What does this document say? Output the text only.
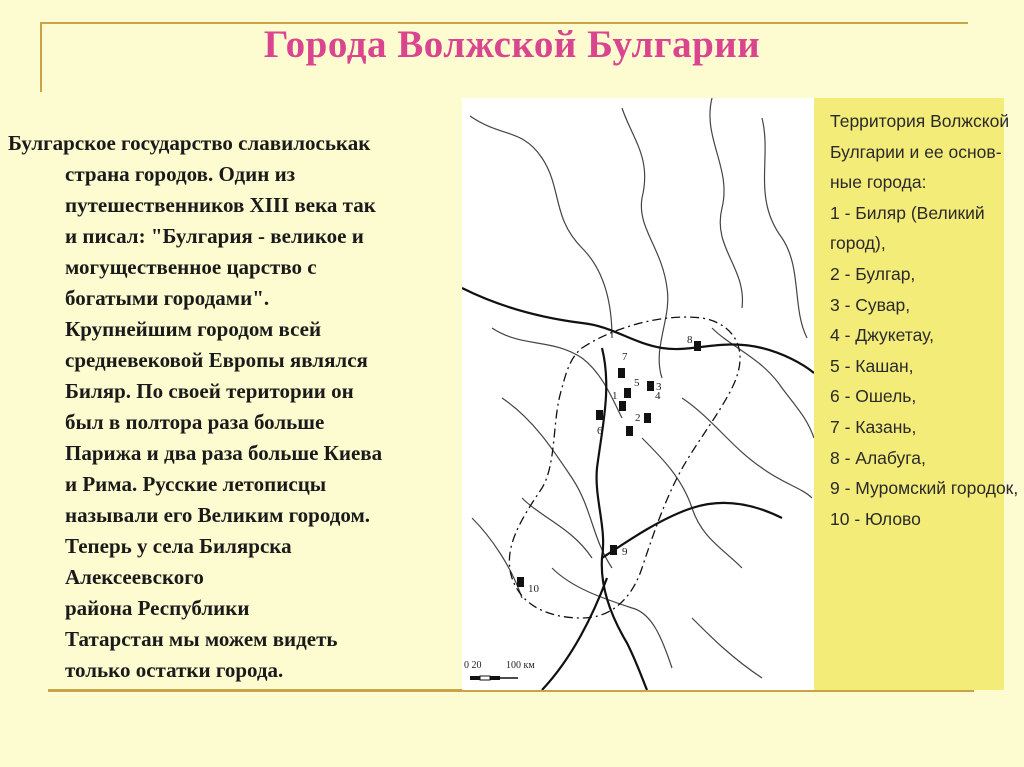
Города Волжской Булгарии
Булгарское государство славилоськак
страна городов. Один из
путешественников XIII века так
и писал: "Булгария - великое и
могущественное царство с
богатыми городами".
Крупнейшим городом всей
средневековой Европы являлся
Биляр. По своей територии он
был в полтора раза больше
Парижа и два раза больше Киева
и Рима. Русские летописцы
называли его Великим городом.
Теперь у села Билярска
Алексеевского
района Республики
Татарстан мы можем видеть
только остатки города.
7
5 3
1
6
2
4
8
9
10
0 20 100 км
Территория Волжской
Булгарии и ее основ-
ные города:
1 - Биляр (Великий
город),
2 - Булгар,
3 - Сувар,
4 - Джукетау,
5 - Кашан,
6 - Ошель,
7 - Казань,
8 - Алабуга,
9 - Муромский городок,
10 - Юлово
